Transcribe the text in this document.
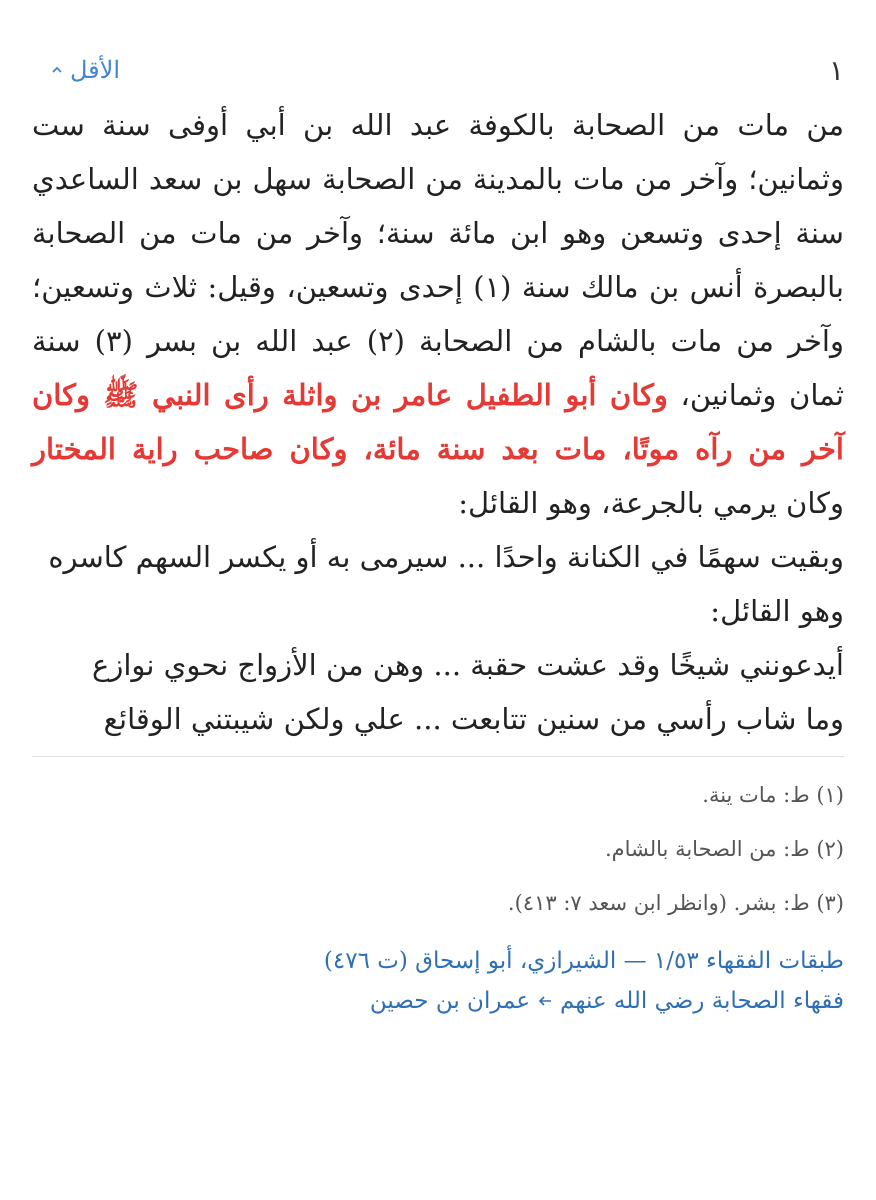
١
الأقل
من مات من الصحابة بالكوفة عبد الله بن أبي أوفى سنة ست وثمانين؛ وآخر من مات بالمدينة من الصحابة سهل بن سعد الساعدي سنة إحدى وتسعن وهو ابن مائة سنة؛ وآخر من مات من الصحابة بالبصرة أنس بن مالك سنة (١) إحدى وتسعين، وقيل: ثلاث وتسعين؛ وآخر من مات بالشام من الصحابة (٢) عبد الله بن بسر (٣) سنة ثمان وثمانين، وكان أبو الطفيل عامر بن واثلة رأى النبي ﷺ وكان آخر من رآه موتًا، مات بعد سنة مائة، وكان صاحب راية المختار وكان يرمي بالجرعة، وهو القائل:
وبقيت سهمًا في الكنانة واحدًا ... سيرمى به أو يكسر السهم كاسره
وهو القائل:
أيدعونني شيخًا وقد عشت حقبة ... وهن من الأزواج نحوي نوازع
وما شاب رأسي من سنين تتابعت ... علي ولكن شيبتني الوقائع
(١) ط: مات ينة.
(٢) ط: من الصحابة بالشام.
(٣) ط: بشر. (وانظر ابن سعد ٧: ٤١٣).
طبقات الفقهاء ١/٥٣ — الشيرازي، أبو إسحاق (ت ٤٧٦)
فقهاء الصحابة رضي الله عنهم
عمران بن حصين
